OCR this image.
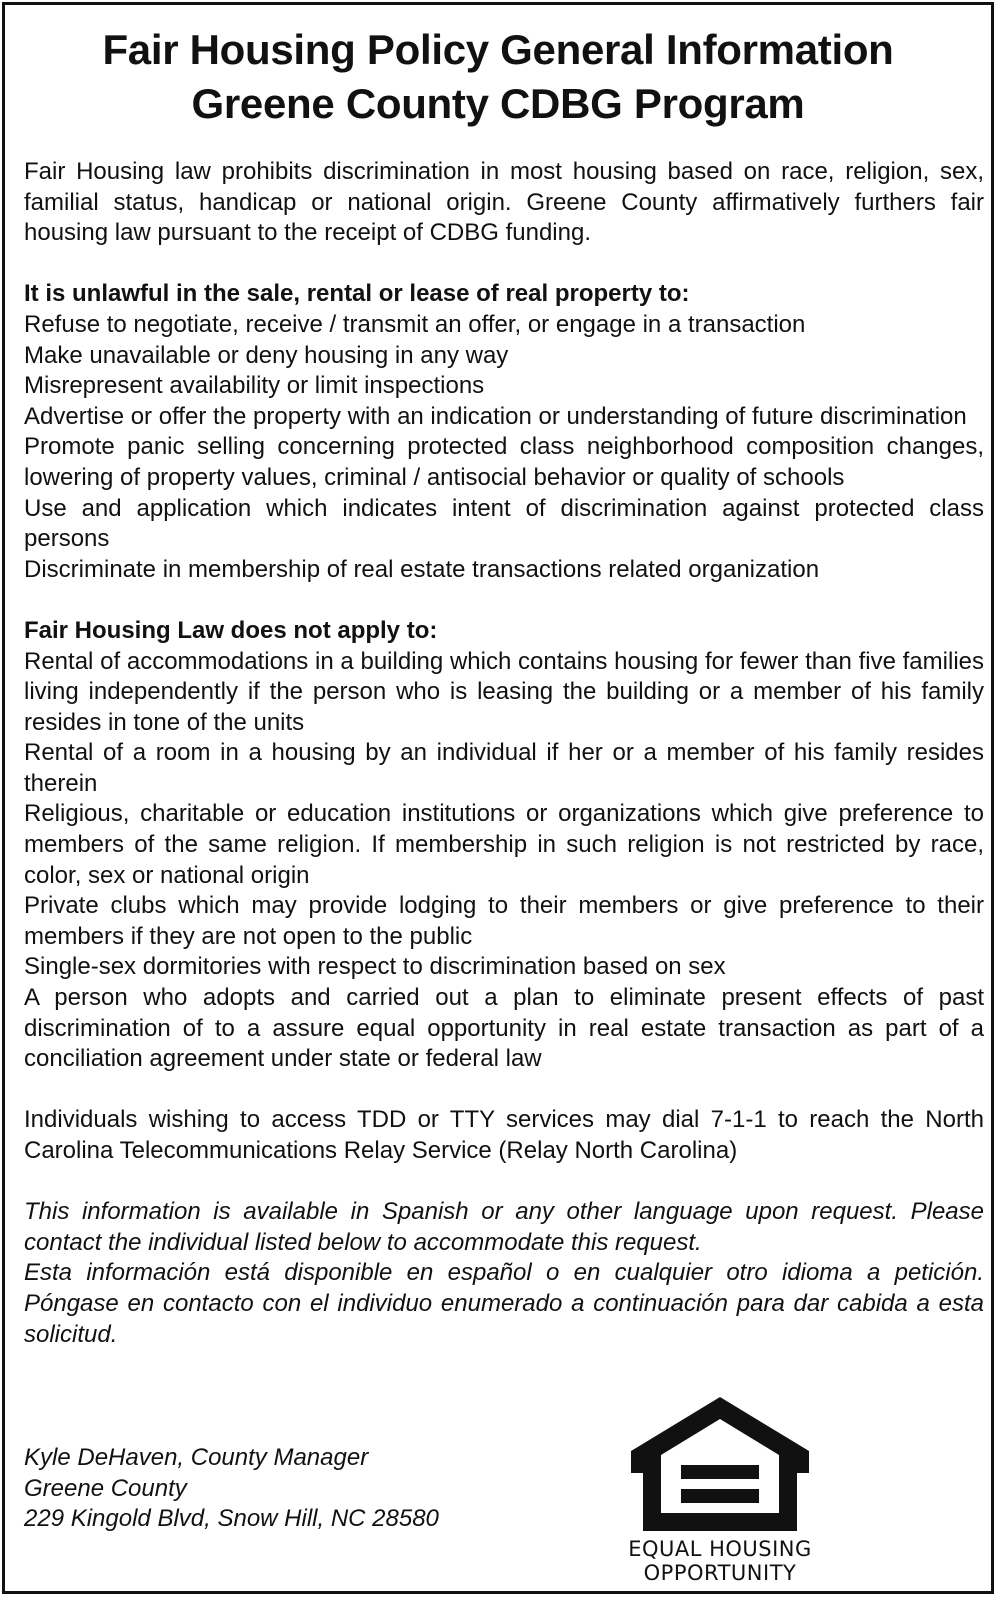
Fair Housing Policy General Information
Greene County CDBG Program

Fair Housing law prohibits discrimination in most housing based on race, religion, sex, familial status, handicap or national origin. Greene County affirmatively furthers fair housing law pursuant to the receipt of CDBG funding.

It is unlawful in the sale, rental or lease of real property to:

Refuse to negotiate, receive / transmit an offer, or engage in a transaction

Make unavailable or deny housing in any way

Misrepresent availability or limit inspections

Advertise or offer the property with an indication or understanding of future discrimination

Promote panic selling concerning protected class neighborhood composition changes, lowering of property values, criminal / antisocial behavior or quality of schools

Use and application which indicates intent of discrimination against protected class persons

Discriminate in membership of real estate transactions related organization

Fair Housing Law does not apply to:

Rental of accommodations in a building which contains housing for fewer than five families living independently if the person who is leasing the building or a member of his family resides in tone of the units

Rental of a room in a housing by an individual if her or a member of his family resides therein

Religious, charitable or education institutions or organizations which give preference to members of the same religion. If membership in such religion is not restricted by race, color, sex or national origin

Private clubs which may provide lodging to their members or give preference to their members if they are not open to the public

Single-sex dormitories with respect to discrimination based on sex

A person who adopts and carried out a plan to eliminate present effects of past discrimination of to a assure equal opportunity in real estate transaction as part of a conciliation agreement under state or federal law

Individuals wishing to access TDD or TTY services may dial 7-1-1 to reach the North Carolina Telecommunications Relay Service (Relay North Carolina)

This information is available in Spanish or any other language upon request. Please contact the individual listed below to accommodate this request.

Esta información está disponible en español o en cualquier otro idioma a petición. Póngase en contacto con el individuo enumerado a continuación para dar cabida a esta solicitud.

Kyle DeHaven, County Manager

Greene County

229 Kingold Blvd, Snow Hill, NC 28580

EQUAL HOUSING
OPPORTUNITY
